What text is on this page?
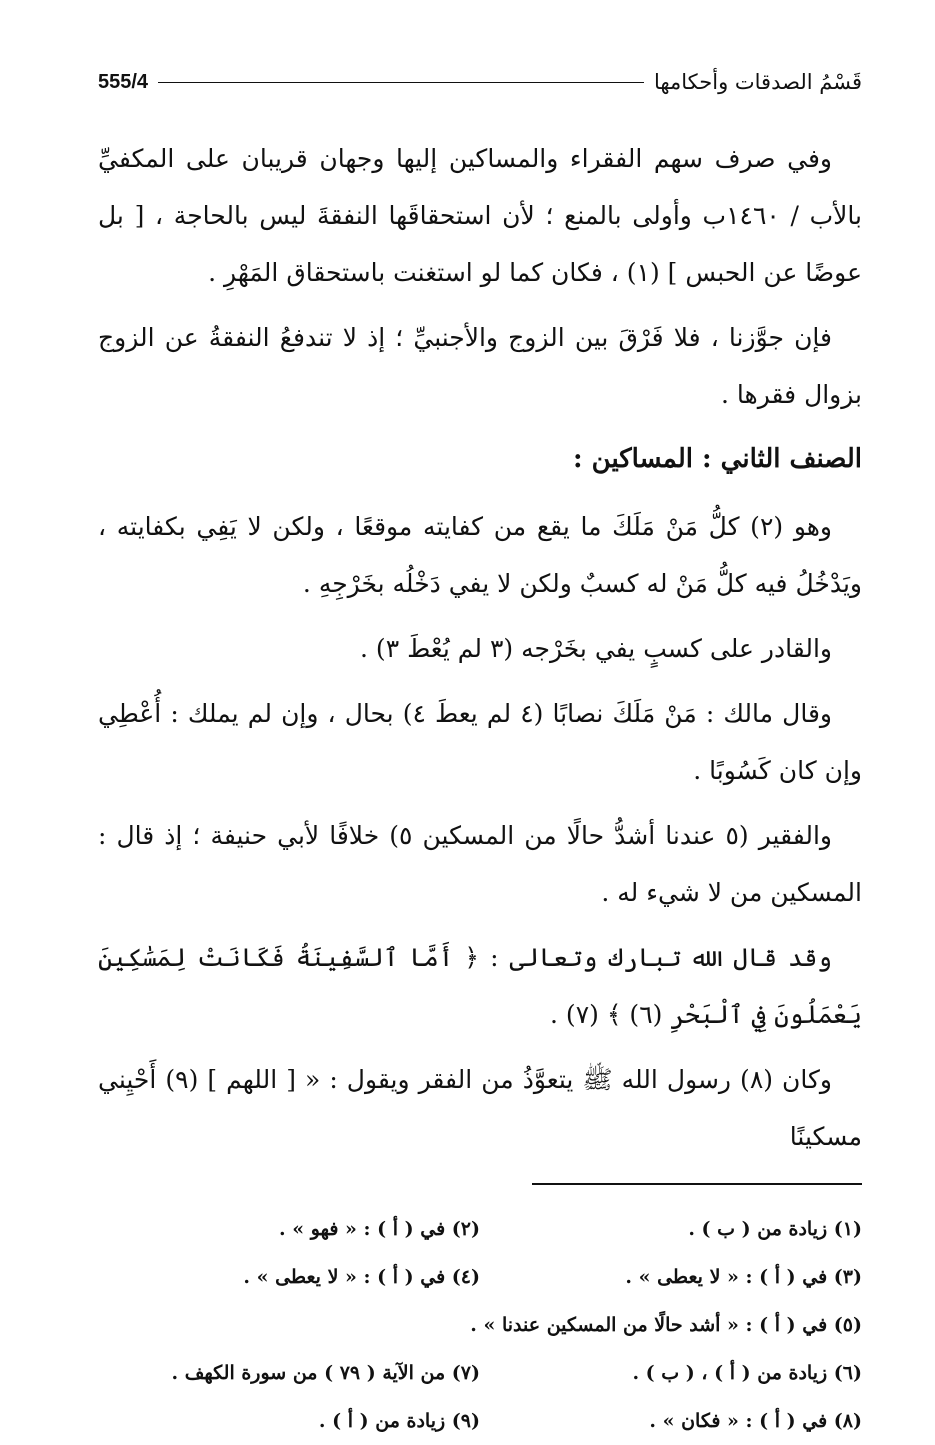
قَسْمُ الصدقات وأحكامها
555/4

وفي صرف سهم الفقراء والمساكين إليها وجهان قريبان على المكفيِّ بالأب / ١٤٦٠ب وأولى بالمنع ؛ لأن استحقاقَها النفقةَ ليس بالحاجة ، [ بل عوضًا عن الحبس ] (١) ، فكان كما لو استغنت باستحقاق المَهْرِ .

فإن جوَّزنا ، فلا فَرْقَ بين الزوج والأجنبيِّ ؛ إذ لا تندفعُ النفقةُ عن الزوج بزوال فقرها .

الصنف الثاني : المساكين :

وهو (٢) كلُّ مَنْ مَلَكَ ما يقع من كفايته موقعًا ، ولكن لا يَفِي بكفايته ، ويَدْخُلُ فيه كلُّ مَنْ له كسبٌ ولكن لا يفي دَخْلُه بخَرْجِهِ .

والقادر على كسبٍ يفي بخَرْجه (٣ لم يُعْطَ ٣) .

وقال مالك : مَنْ مَلَكَ نصابًا (٤ لم يعطَ ٤) بحال ، وإن لم يملك : أُعْطِي وإن كان كَسُوبًا .

والفقير (٥ عندنا أشدُّ حالًا من المسكين ٥) خلافًا لأبي حنيفة ؛ إذ قال : المسكين من لا شيء له .

وقد قال الله تبارك وتعالى : ﴿ أَمَّا ٱلسَّفِينَةُ فَكَانَتْ لِمَسَٰكِينَ يَعْمَلُونَ فِي ٱلْبَحْرِ (٦) ﴾ (٧) .

وكان (٨) رسول الله ﷺ يتعوَّذُ من الفقر ويقول : « [ اللهم ] (٩) أَحْيِني مسكينًا

(١) زيادة من ( ب ) .
(٢) في ( أ ) : « فهو » .
(٣) في ( أ ) : « لا يعطى » .
(٤) في ( أ ) : « لا يعطى » .
(٥) في ( أ ) : « أشد حالًا من المسكين عندنا » .
(٦) زيادة من ( أ ) ، ( ب ) .
(٧) من الآية ( ٧٩ ) من سورة الكهف .
(٨) في ( أ ) : « فكان » .
(٩) زيادة من ( أ ) .
